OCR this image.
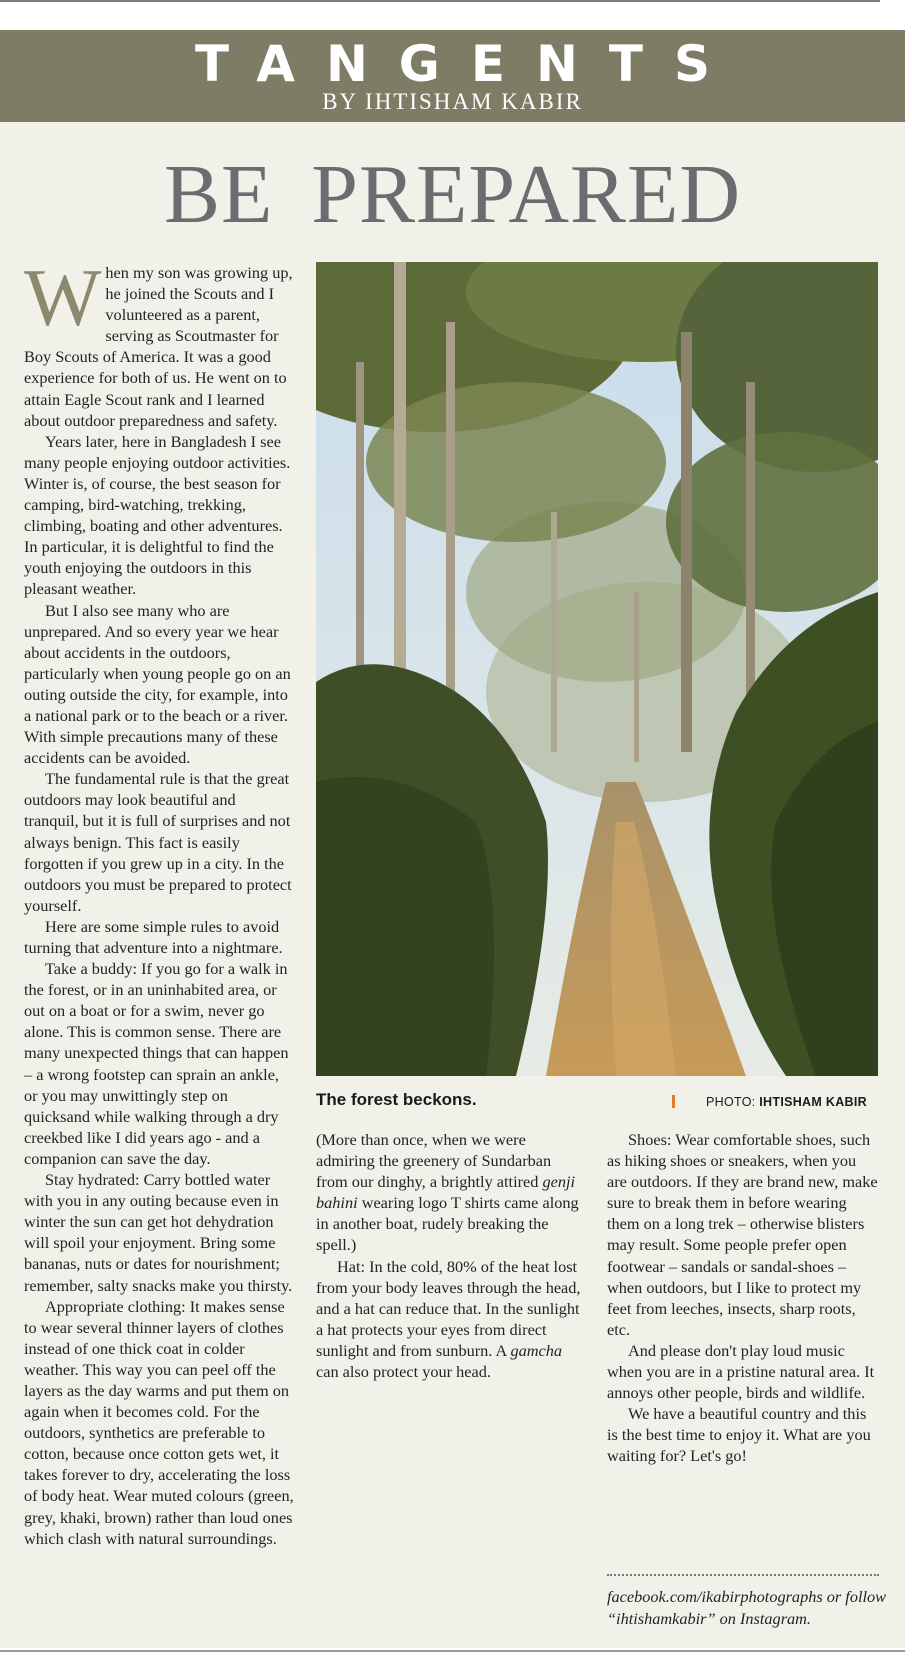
TANGENTS
BY IHTISHAM KABIR
BE PREPARED

When my son was growing up, he joined the Scouts and I volunteered as a parent, serving as Scoutmaster for Boy Scouts of America. It was a good experience for both of us. He went on to attain Eagle Scout rank and I learned about outdoor preparedness and safety.

Years later, here in Bangladesh I see many people enjoying outdoor activities. Winter is, of course, the best season for camping, bird-watching, trekking, climbing, boating and other adventures. In particular, it is delightful to find the youth enjoying the outdoors in this pleasant weather.

But I also see many who are unprepared. And so every year we hear about accidents in the outdoors, particularly when young people go on an outing outside the city, for example, into a national park or to the beach or a river. With simple precautions many of these accidents can be avoided.

The fundamental rule is that the great outdoors may look beautiful and tranquil, but it is full of surprises and not always benign. This fact is easily forgotten if you grew up in a city. In the outdoors you must be prepared to protect yourself.

Here are some simple rules to avoid turning that adventure into a nightmare.

Take a buddy: If you go for a walk in the forest, or in an uninhabited area, or out on a boat or for a swim, never go alone. This is common sense. There are many unexpected things that can happen – a wrong footstep can sprain an ankle, or you may unwittingly step on quicksand while walking through a dry creekbed like I did years ago - and a companion can save the day.

Stay hydrated: Carry bottled water with you in any outing because even in winter the sun can get hot dehydration will spoil your enjoyment. Bring some bananas, nuts or dates for nourishment; remember, salty snacks make you thirsty.

Appropriate clothing: It makes sense to wear several thinner layers of clothes instead of one thick coat in colder weather. This way you can peel off the layers as the day warms and put them on again when it becomes cold. For the outdoors, synthetics are preferable to cotton, because once cotton gets wet, it takes forever to dry, accelerating the loss of body heat. Wear muted colours (green, grey, khaki, brown) rather than loud ones which clash with natural surroundings.

The forest beckons.	PHOTO: IHTISHAM KABIR

(More than once, when we were admiring the greenery of Sundarban from our dinghy, a brightly attired genji bahini wearing logo T shirts came along in another boat, rudely breaking the spell.)

Hat: In the cold, 80% of the heat lost from your body leaves through the head, and a hat can reduce that. In the sunlight a hat protects your eyes from direct sunlight and from sunburn. A gamcha can also protect your head.

Shoes: Wear comfortable shoes, such as hiking shoes or sneakers, when you are outdoors. If they are brand new, make sure to break them in before wearing them on a long trek – otherwise blisters may result. Some people prefer open footwear – sandals or sandal-shoes – when outdoors, but I like to protect my feet from leeches, insects, sharp roots, etc.

And please don't play loud music when you are in a pristine natural area. It annoys other people, birds and wildlife.

We have a beautiful country and this is the best time to enjoy it. What are you waiting for? Let's go!

facebook.com/ikabirphotographs or follow “ihtishamkabir” on Instagram.
